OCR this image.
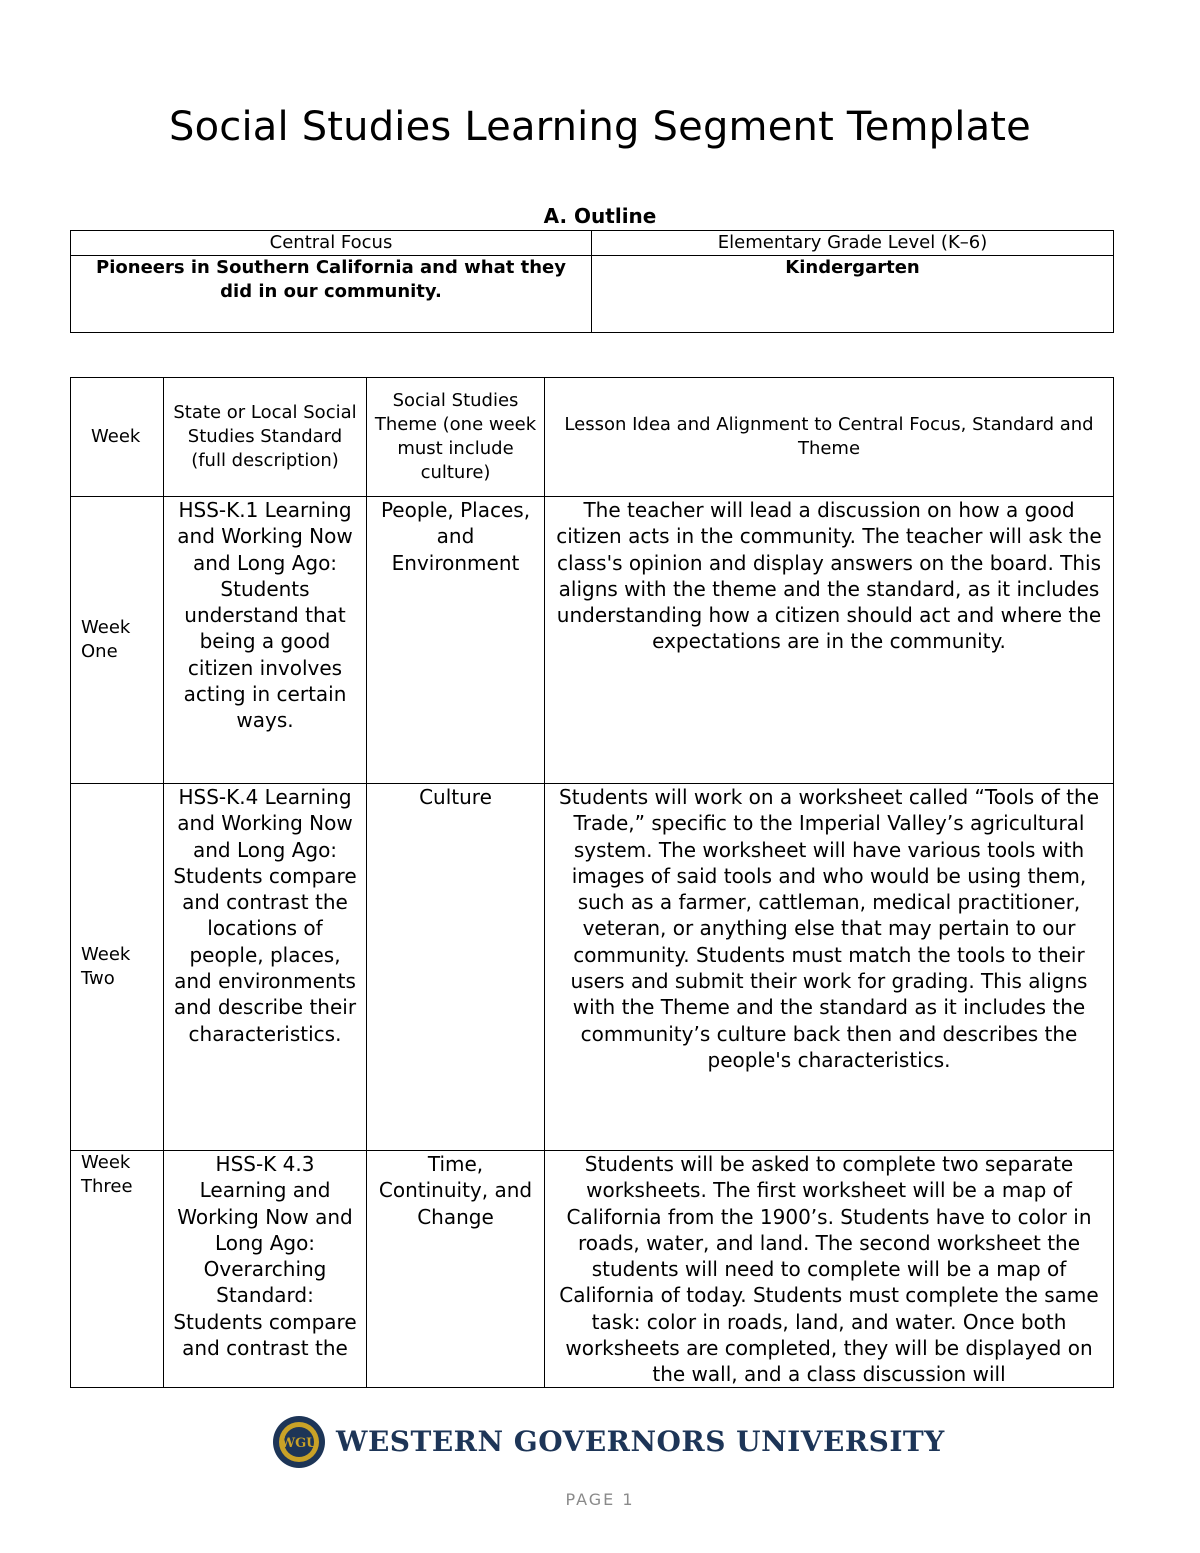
Social Studies Learning Segment Template
A. Outline
Central Focus	Elementary Grade Level (K–6)
Pioneers in Southern California and what they did in our community.	Kindergarten
Week	State or Local Social Studies Standard (full description)	Social Studies Theme (one week must include culture)	Lesson Idea and Alignment to Central Focus, Standard and Theme
Week One	HSS-K.1 Learning and Working Now and Long Ago: Students understand that being a good citizen involves acting in certain ways.	People, Places, and Environment	The teacher will lead a discussion on how a good citizen acts in the community. The teacher will ask the class's opinion and display answers on the board. This aligns with the theme and the standard, as it includes understanding how a citizen should act and where the expectations are in the community.
Week Two	HSS-K.4 Learning and Working Now and Long Ago: Students compare and contrast the locations of people, places, and environments and describe their characteristics.	Culture	Students will work on a worksheet called “Tools of the Trade,” specific to the Imperial Valley’s agricultural system. The worksheet will have various tools with images of said tools and who would be using them, such as a farmer, cattleman, medical practitioner, veteran, or anything else that may pertain to our community. Students must match the tools to their users and submit their work for grading. This aligns with the Theme and the standard as it includes the community’s culture back then and describes the people's characteristics.
Week Three	HSS-K 4.3 Learning and Working Now and Long Ago: Overarching Standard: Students compare and contrast the	Time, Continuity, and Change	Students will be asked to complete two separate worksheets. The first worksheet will be a map of California from the 1900’s. Students have to color in roads, water, and land. The second worksheet the students will need to complete will be a map of California of today. Students must complete the same task: color in roads, land, and water. Once both worksheets are completed, they will be displayed on the wall, and a class discussion will
WGU WESTERN GOVERNORS UNIVERSITY
PAGE 1
